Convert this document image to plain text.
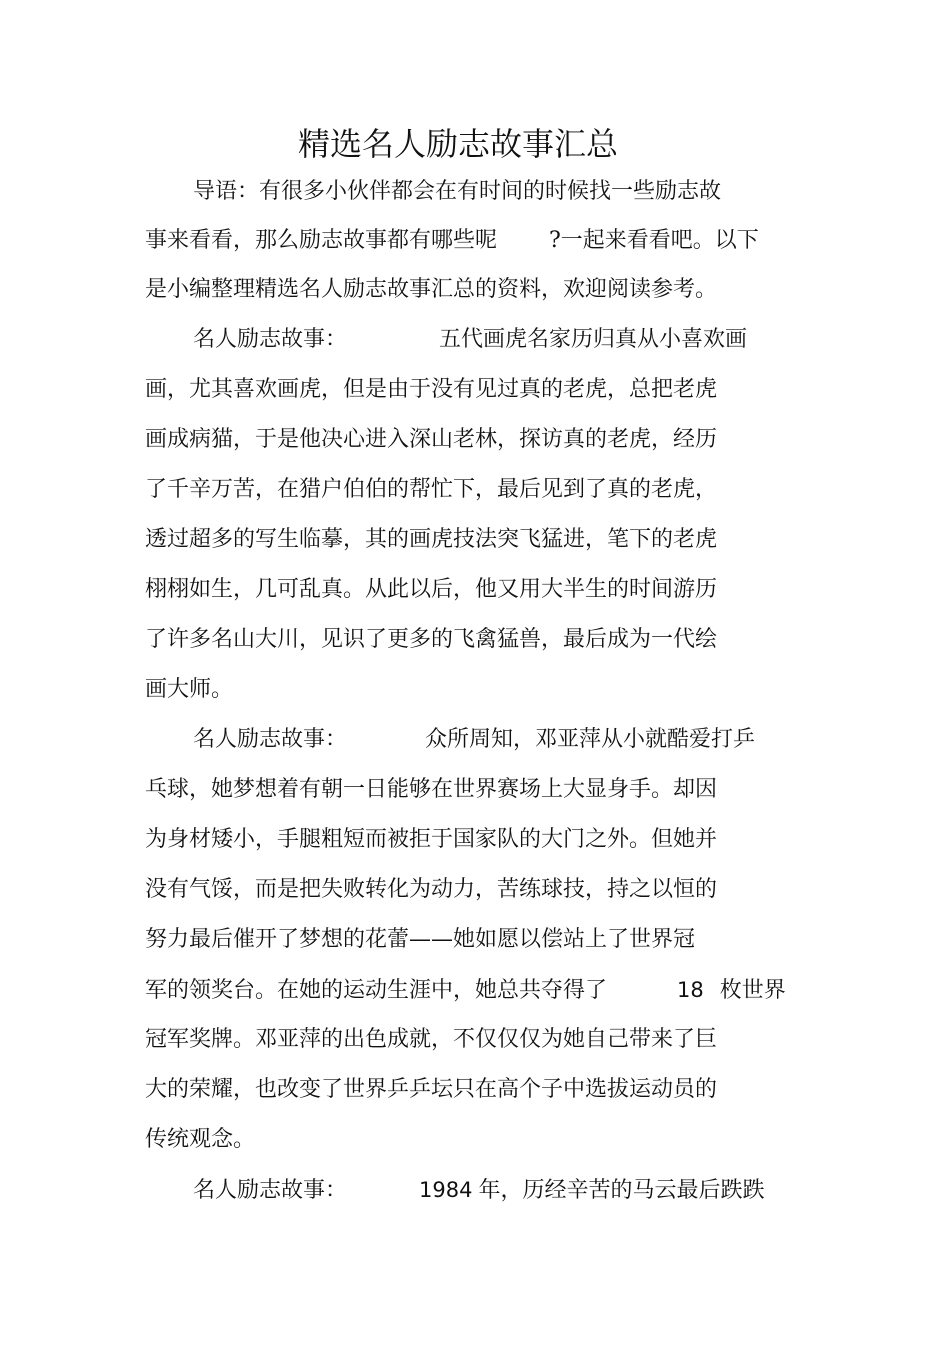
精选名人励志故事汇总
导语：有很多小伙伴都会在有时间的时候找一些励志故
事来看看，那么励志故事都有哪些呢 ?一起来看看吧。以下
是小编整理精选名人励志故事汇总的资料，欢迎阅读参考。
名人励志故事：	五代画虎名家历归真从小喜欢画
画，尤其喜欢画虎，但是由于没有见过真的老虎，总把老虎
画成病猫，于是他决心进入深山老林，探访真的老虎，经历
了千辛万苦，在猎户伯伯的帮忙下，最后见到了真的老虎，
透过超多的写生临摹，其的画虎技法突飞猛进，笔下的老虎
栩栩如生，几可乱真。从此以后，他又用大半生的时间游历
了许多名山大川，见识了更多的飞禽猛兽，最后成为一代绘
画大师。
名人励志故事：	众所周知，邓亚萍从小就酷爱打乒
乓球，她梦想着有朝一日能够在世界赛场上大显身手。却因
为身材矮小，手腿粗短而被拒于国家队的大门之外。但她并
没有气馁，而是把失败转化为动力，苦练球技，持之以恒的
努力最后催开了梦想的花蕾——她如愿以偿站上了世界冠
军的领奖台。在她的运动生涯中，她总共夺得了	18 枚世界
冠军奖牌。邓亚萍的出色成就，不仅仅仅为她自己带来了巨
大的荣耀，也改变了世界乒乒坛只在高个子中选拔运动员的
传统观念。
名人励志故事：	1984 年，历经辛苦的马云最后跌跌
